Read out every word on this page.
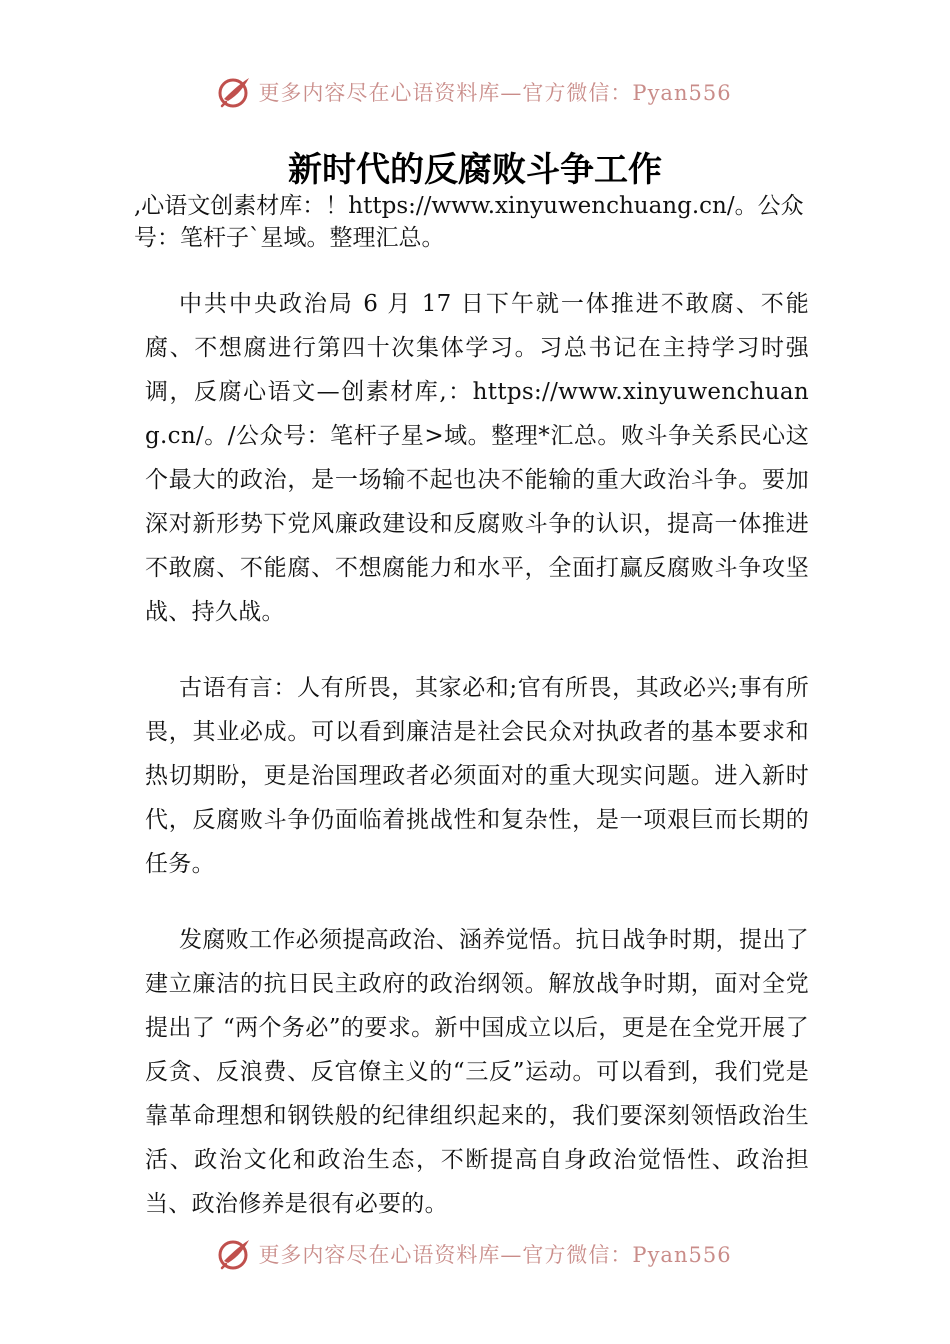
更多内容尽在心语资料库—官方微信：Pyan556
新时代的反腐败斗争工作

,心语文创素材库：！https://www.xinyuwenchuang.cn/。公众号：笔杆子`星域。整理汇总。

中共中央政治局 6 月 17 日下午就一体推进不敢腐、不能腐、不想腐进行第四十次集体学习。习总书记在主持学习时强调，反腐心语文—创素材库,：https://www.xinyuwenchuang.cn/。/公众号：笔杆子星>域。整理*汇总。败斗争关系民心这个最大的政治，是一场输不起也决不能输的重大政治斗争。要加深对新形势下党风廉政建设和反腐败斗争的认识，提高一体推进不敢腐、不能腐、不想腐能力和水平，全面打赢反腐败斗争攻坚战、持久战。

古语有言：人有所畏，其家必和;官有所畏，其政必兴;事有所畏，其业必成。可以看到廉洁是社会民众对执政者的基本要求和热切期盼，更是治国理政者必须面对的重大现实问题。进入新时代，反腐败斗争仍面临着挑战性和复杂性，是一项艰巨而长期的任务。

发腐败工作必须提高政治、涵养觉悟。抗日战争时期，提出了建立廉洁的抗日民主政府的政治纲领。解放战争时期，面对全党提出了 “两个务必”的要求。新中国成立以后，更是在全党开展了反贪、反浪费、反官僚主义的“三反”运动。可以看到，我们党是靠革命理想和钢铁般的纪律组织起来的，我们要深刻领悟政治生活、政治文化和政治生态，不断提高自身政治觉悟性、政治担当、政治修养是很有必要的。

更多内容尽在心语资料库—官方微信：Pyan556
